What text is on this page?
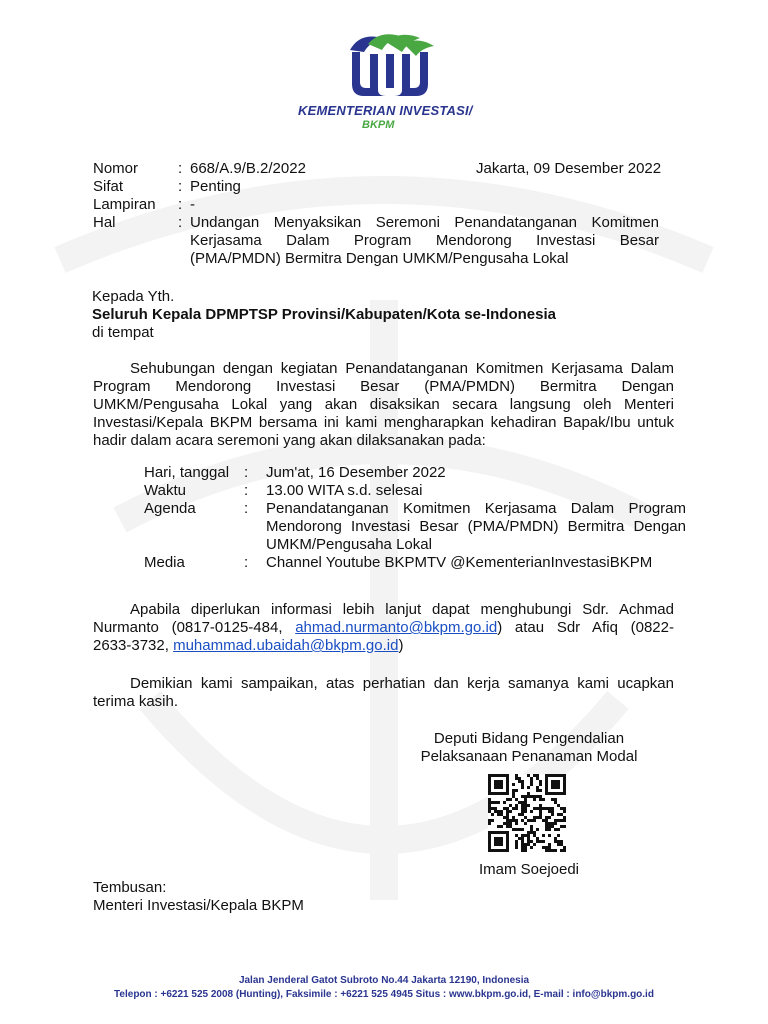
KEMENTERIAN INVESTASI/
BKPM
Nomor	:	668/A.9/B.2/2022
Sifat	:	Penting
Lampiran	:	-
Jakarta, 09 Desember 2022
Hal	: Undangan Menyaksikan Seremoni Penandatanganan Komitmen
Kerjasama Dalam Program Mendorong Investasi Besar
(PMA/PMDN) Bermitra Dengan UMKM/Pengusaha Lokal
Kepada Yth.
Seluruh Kepala DPMPTSP Provinsi/Kabupaten/Kota se-Indonesia
di tempat
Sehubungan dengan kegiatan Penandatanganan Komitmen Kerjasama Dalam
Program Mendorong Investasi Besar (PMA/PMDN) Bermitra Dengan
UMKM/Pengusaha Lokal yang akan disaksikan secara langsung oleh Menteri
Investasi/Kepala BKPM bersama ini kami mengharapkan kehadiran Bapak/Ibu untuk
hadir dalam acara seremoni yang akan dilaksanakan pada:
Hari, tanggal	:	Jum'at, 16 Desember 2022
Waktu	:	13.00 WITA s.d. selesai
Agenda	:	Penandatanganan Komitmen Kerjasama Dalam Program
Mendorong Investasi Besar (PMA/PMDN) Bermitra Dengan
UMKM/Pengusaha Lokal

Media	:	Channel Youtube BKPMTV @KementerianInvestasiBKPM
Apabila diperlukan informasi lebih lanjut dapat menghubungi Sdr. Achmad
Nurmanto (0817-0125-484, ahmad.nurmanto@bkpm.go.id) atau Sdr Afiq (0822-
2633-3732, muhammad.ubaidah@bkpm.go.id)
Demikian kami sampaikan, atas perhatian dan kerja samanya kami ucapkan
terima kasih.
Deputi Bidang Pengendalian
Pelaksanaan Penanaman Modal
Imam Soejoedi
Tembusan:
Menteri Investasi/Kepala BKPM
Jalan Jenderal Gatot Subroto No.44 Jakarta 12190, Indonesia
Telepon : +6221 525 2008 (Hunting), Faksimile : +6221 525 4945 Situs : www.bkpm.go.id, E-mail : info@bkpm.go.id
